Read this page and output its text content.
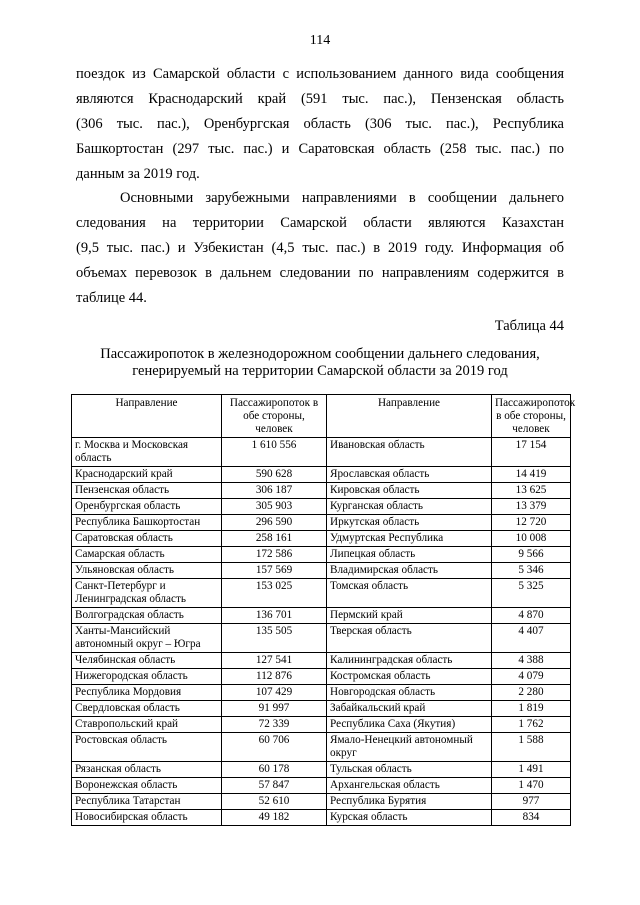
114
поездок из Самарской области с использованием данного вида сообщения
являются Краснодарский край (591 тыс. пас.), Пензенская область
(306 тыс. пас.), Оренбургская область (306 тыс. пас.), Республика
Башкортостан (297 тыс. пас.) и Саратовская область (258 тыс. пас.) по
данным за 2019 год.
Основными зарубежными направлениями в сообщении дальнего
следования на территории Самарской области являются Казахстан
(9,5 тыс. пас.) и Узбекистан (4,5 тыс. пас.) в 2019 году. Информация об
объемах перевозок в дальнем следовании по направлениям содержится в
таблице 44.
Таблица 44
Пассажиропоток в железнодорожном сообщении дальнего следования,
генерируемый на территории Самарской области за 2019 год
Направление	Пассажиропоток в обе стороны, человек	Направление	Пассажиропоток в обе стороны, человек
г. Москва и Московская область	1 610 556	Ивановская область	17 154
Краснодарский край	590 628	Ярославская область	14 419
Пензенская область	306 187	Кировская область	13 625
Оренбургская область	305 903	Курганская область	13 379
Республика Башкортостан	296 590	Иркутская область	12 720
Саратовская область	258 161	Удмуртская Республика	10 008
Самарская область	172 586	Липецкая область	9 566
Ульяновская область	157 569	Владимирская область	5 346
Санкт-Петербург и Ленинградская область	153 025	Томская область	5 325
Волгоградская область	136 701	Пермский край	4 870
Ханты-Мансийский автономный округ – Югра	135 505	Тверская область	4 407
Челябинская область	127 541	Калининградская область	4 388
Нижегородская область	112 876	Костромская область	4 079
Республика Мордовия	107 429	Новгородская область	2 280
Свердловская область	91 997	Забайкальский край	1 819
Ставропольский край	72 339	Республика Саха (Якутия)	1 762
Ростовская область	60 706	Ямало-Ненецкий автономный округ	1 588
Рязанская область	60 178	Тульская область	1 491
Воронежская область	57 847	Архангельская область	1 470
Республика Татарстан	52 610	Республика Бурятия	977
Новосибирская область	49 182	Курская область	834
